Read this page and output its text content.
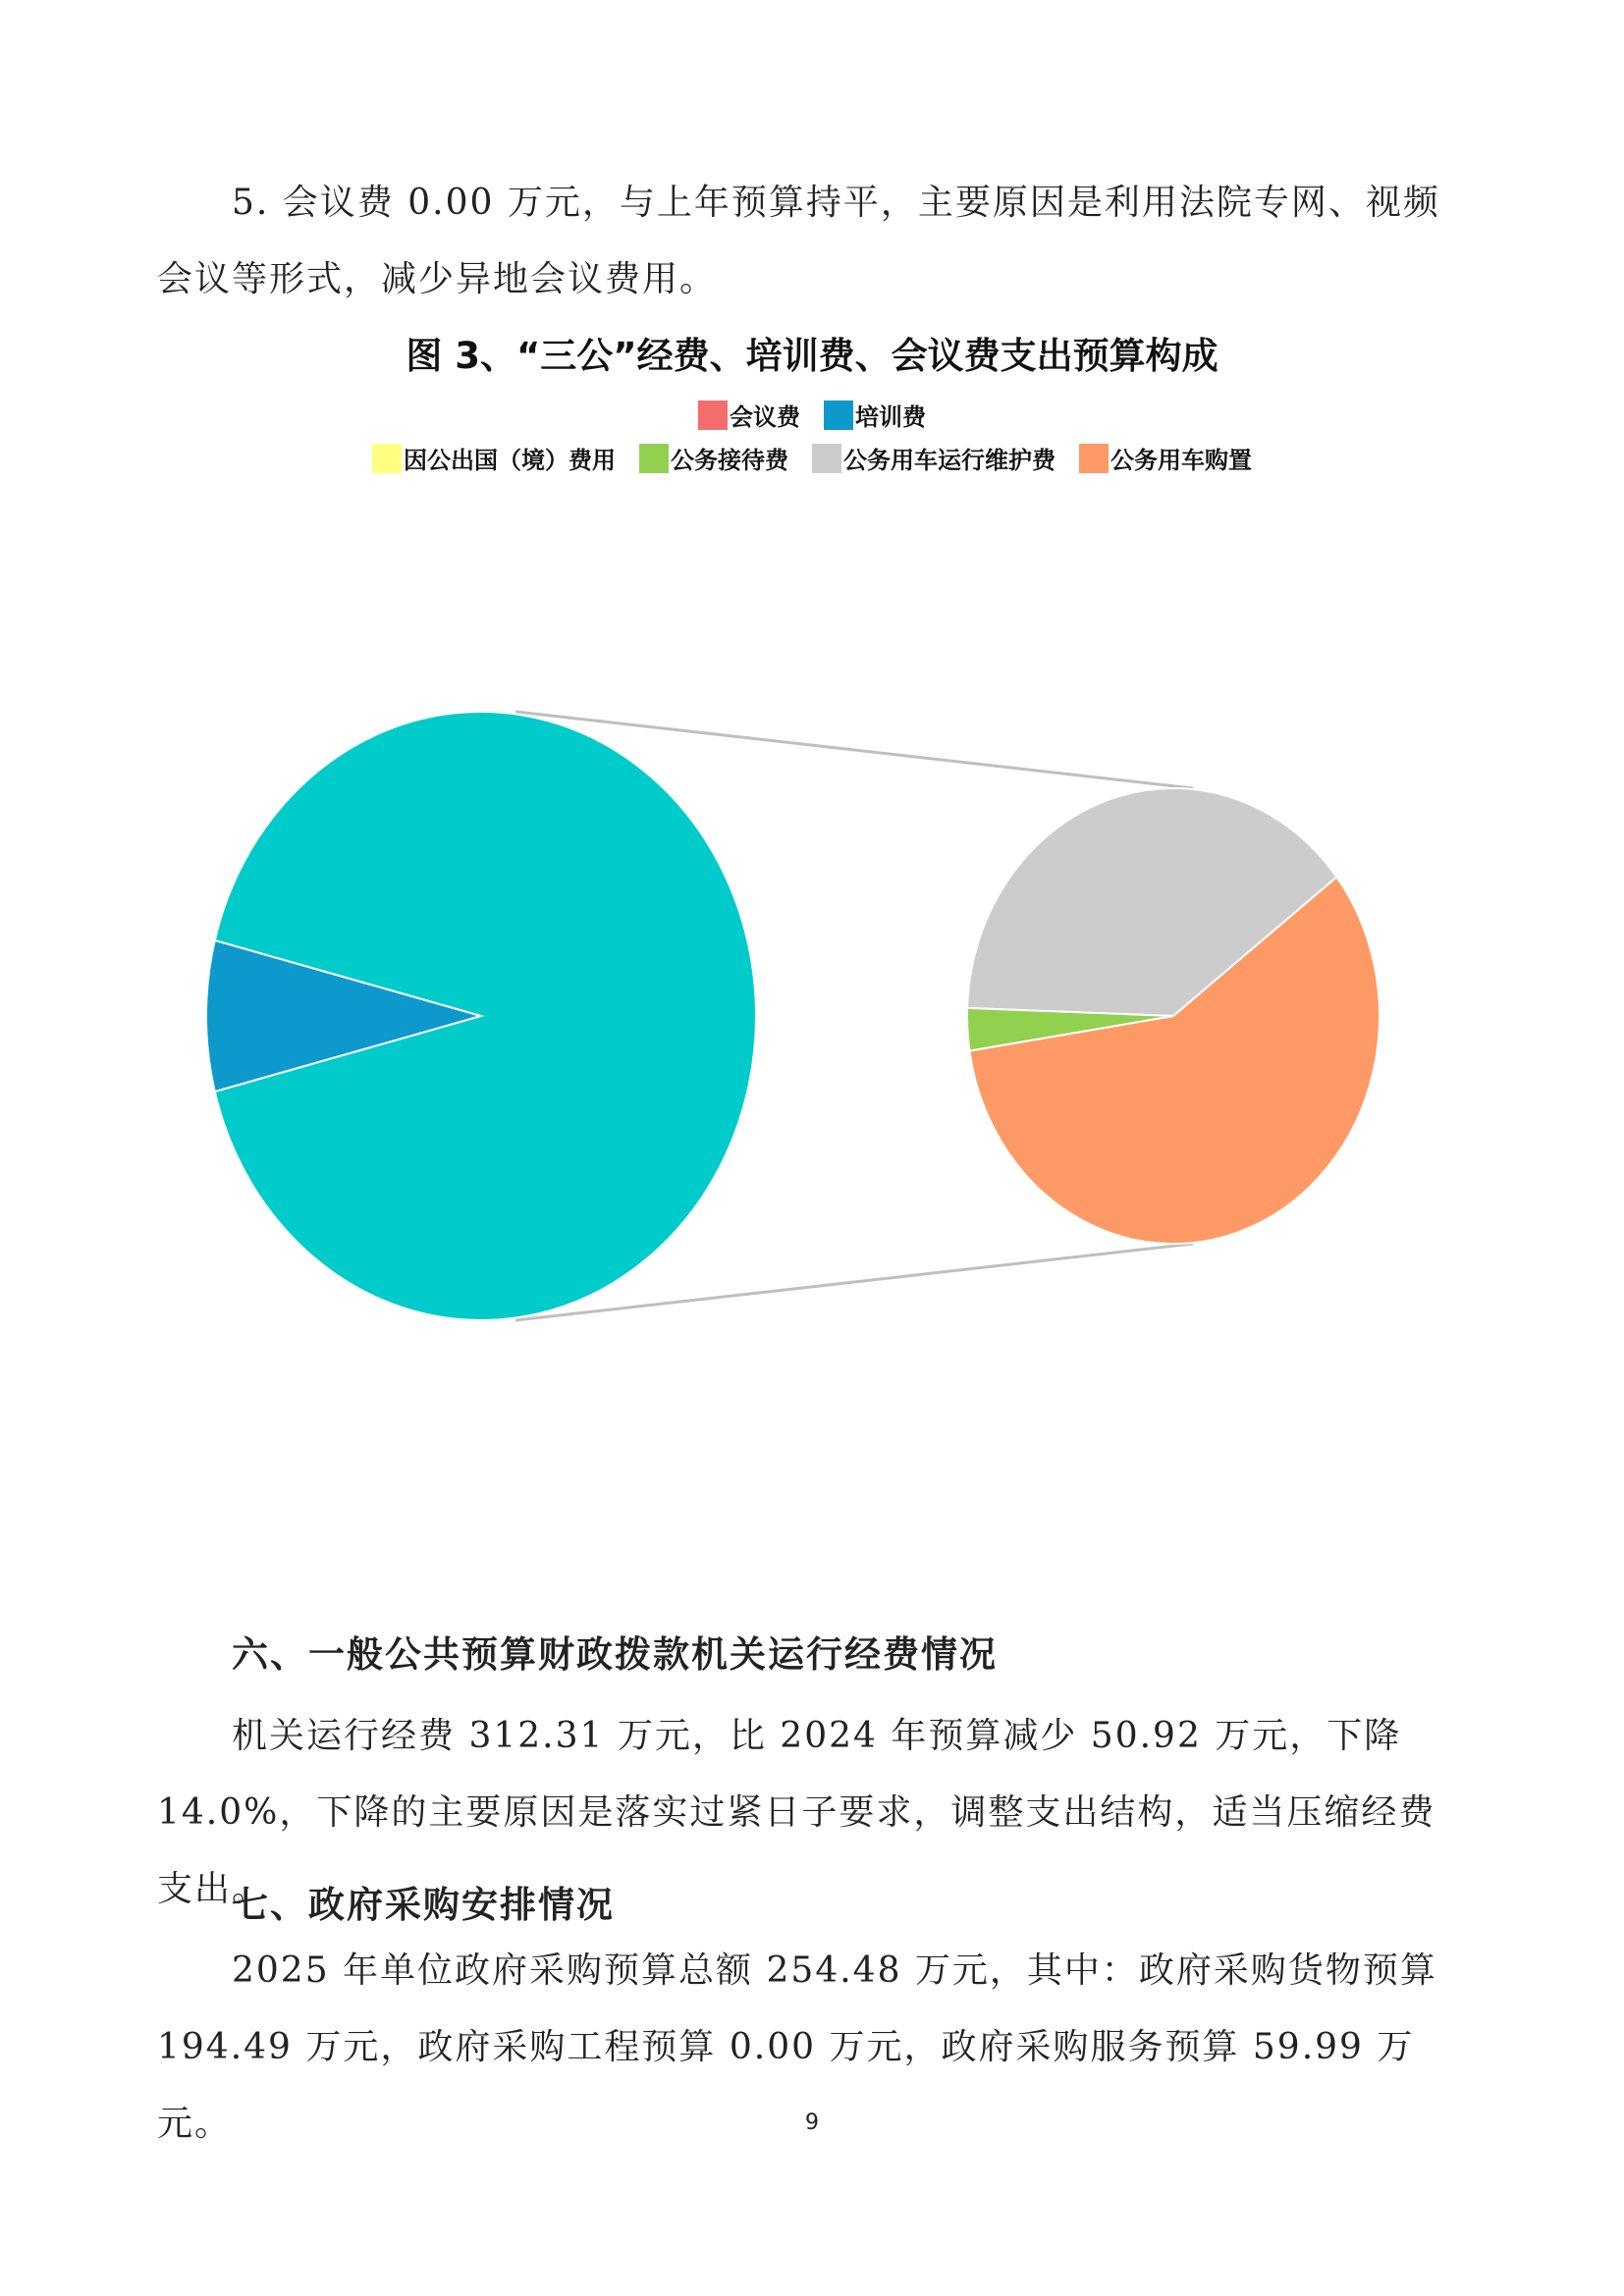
5. 会议费 0.00 万元，与上年预算持平，主要原因是利用法院专网、视频会议等形式，减少异地会议费用。

图 3、“三公”经费、培训费、会议费支出预算构成
会议费 培训费
因公出国（境）费用 公务接待费 公务用车运行维护费 公务用车购置

六、一般公共预算财政拨款机关运行经费情况

机关运行经费 312.31 万元，比 2024 年预算减少 50.92 万元，下降 14.0%，下降的主要原因是落实过紧日子要求，调整支出结构，适当压缩经费支出。

七、政府采购安排情况

2025 年单位政府采购预算总额 254.48 万元，其中：政府采购货物预算 194.49 万元，政府采购工程预算 0.00 万元，政府采购服务预算 59.99 万元。	9
